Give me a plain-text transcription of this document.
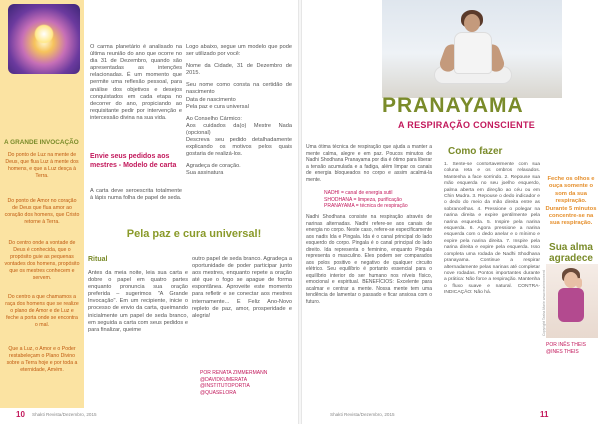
A GRANDE INVOCAÇÃO
Do ponto de Luz na mente de Deus, que flua Luz à mente dos homens, e que a Luz desça à Terra.
Do ponto de Amor no coração de Deus que flua amor ao coração dos homens, que Cristo retorne à Terra.
Do centro onde a vontade de Deus é conhecida, que o propósito guie as pequenas vontades dos homens, propósito que os mestres conhecem e servem.
Do centro a que chamamos a raça dos homens que se realize o plano de Amor e de Luz e feche a porta onde se encontra o mal.
Que a Luz, o Amor e o Poder restabeleçam o Plano Divino sobre a Terra hoje e por toda a eternidade, Amém.
O carma planetário é analisado na última reunião do ano que ocorre no dia 31 de Dezembro, quando são apresentadas as intenções relacionadas. É um momento que permite uma reflexão pessoal, para análise dos objetivos e desejos conquistados em cada etapa no decorrer do ano, propiciando ao requisitante pedir por intervenção e intercessão divina na sua vida.
Envie seus pedidos aos mestres - Modelo de carta
A carta deve seroescrita totalmente à lápis numa folha de papel de seda.
Logo abaixo, segue um modelo que pode ser utilizado por você:
Nome da Cidade, 31 de Dezembro de 2015.
Seu nome como consta na certidão de nascimento
Data de nascimento
Pela paz e cura universal
Ao Conselho Cármico:
Aos cuidados da(o) Mestre Nada (opcional)
Descreva seu pedido detalhadamente explicando os motivos pelos quais gostaria de realizá-los.
Agradeça de coração.
Sua assinatura
Pela paz e cura universal!
Ritual
Antes da meia noite, leia sua carta e dobre o papel em quatro partes enquanto pronuncia sua oração preferida – sugerimos "A Grande Invocação". Em um recipiente, inicie o processo de envio da carta, queimando inicialmente um papel de seda branco, em seguida a carta com seus pedidos e para finalizar, queime
outro papel de seda branco. Agradeça a oportunidade de poder participar junto aos mestres, enquanto repete a oração até que o fogo se apague de forma espontânea. Aproveite este momento para refletir e se conectar aos mestres internamente... E Feliz Ano-Novo repleto de paz, amor, prosperidade e alegria!
POR RENATA ZIMMERMANN
@DAVIDKUMERATA
@INSTITUTOPORTIA
@QUASELORA
10 Shakti Revista/Dezembro, 2015
PRANAYAMA
A RESPIRAÇÃO CONSCIENTE
Uma ótima técnica de respiração que ajuda a manter a mente calma, alegre e em paz. Poucos minutos de Nadhi Shodhana Pranayama por dia é ótimo para liberar a tensão acumulada e a fadiga, além limpar os canais de energia bloqueados no corpo e assim acalmá-la mente.
NADHI = canal de energia sutil
SHODHANA = limpeza, purificação
PRANAYAMA = técnica de respiração
Nadhi Shodhana consiste na respiração através de narinas alternadas. Nadhi refere-se aos canais de energia no corpo. Neste caso, refere-se especificamente aos nadis Ida e Pingala. Ida é o canal principal do lado esquerdo do corpo. Pingala é o canal principal do lado direito. Ida representa o feminino, enquanto Pingala representa o masculino. Eles podem ser comparados aos polos positivo e negativo de qualquer circuito elétrico. Seu equilíbrio é portanto essencial para o equilíbrio interior do ser humano nos níveis físico, emocional e espiritual. BENEFÍCIOS: Excelente para acalmar e centrar a mente. Nossa mente tem uma tendência de lamentar o passado e ficar ansiosa com o futuro.
Como fazer
1. Sente-se confortavelmente com sua coluna reta e os ombros relaxados. Mantenha a face sorrindo. 2. Repouse sua mão esquerda no seu joelho esquerdo, palma aberta em direção ao céu ou em Chin Mudra. 3. Repouse o dedo indicador e o dedo do meio da mão direita entre as sobrancelhas. 4. Pressione o polegar na narina direita e expire gentilmente pela narina esquerda. 5. Inspire pela narina esquerda. 6. Agora pressione a narina esquerda com o dedo anelar e o mínimo e expire pela narina direita. 7. Inspire pela narina direita e expire pela esquerda. Isso completa uma rodada de Nadhi Shodhana pranayama. Continue a respirar alternadamente pelas narinas até completar nove rodadas. Pontos importantes durante a prática: Não force a respiração. Mantenha o fluxo suave e natural. CONTRA-INDICAÇÃO: Não há.
Feche os olhos e ouça somente o som da sua respiração. Durante 5 minutos concentre-se na sua respiração.
Sua alma agradece
Copyright Tasha Marie www.mariemoment
POR INÊS THEIS
@INES THEIS
Shakti Revista/Dezembro, 2015	11
